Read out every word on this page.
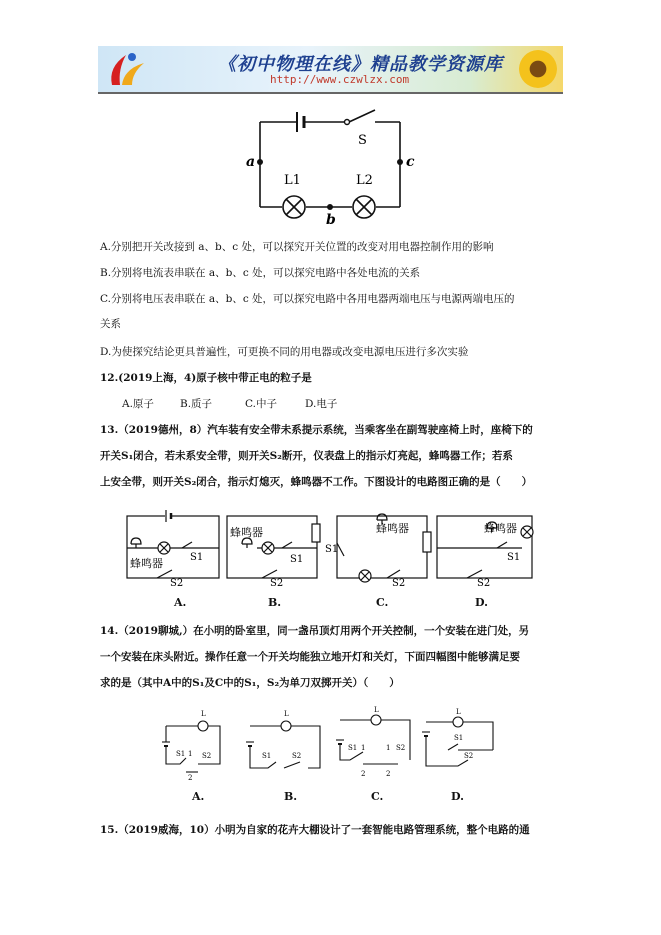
《初中物理在线》精品教学资源库
http://www.czwlzx.com
S
a	c
b
L1	L2
A.分别把开关改接到 a、b、c 处，可以探究开关位置的改变对用电器控制作用的影响
B.分别将电流表串联在 a、b、c 处，可以探究电路中各处电流的关系
C.分别将电压表串联在 a、b、c 处，可以探究电路中各用电器两端电压与电源两端电压的
关系
D.为使探究结论更具普遍性，可更换不同的用电器或改变电源电压进行多次实验
12.(2019上海，4)原子核中带正电的粒子是
A.原子 B.质子	C.中子	D.电子
13.（2019德州，8）汽车装有安全带未系提示系统，当乘客坐在副驾驶座椅上时，座椅下的
开关S₁闭合，若未系安全带，则开关S₂断开，仪表盘上的指示灯亮起，蜂鸣器工作；若系
上安全带，则开关S₂闭合，指示灯熄灭，蜂鸣器不工作。下图设计的电路图正确的是（　　）
蜂鸣器	S1
S2
蜂鸣器
S1
S2
蜂鸣器
S1
S2
蜂鸣器
S1
S2
A.	B.	C.	D.
14.（2019聊城,）在小明的卧室里，同一盏吊顶灯用两个开关控制，一个安装在进门处，另
一个安装在床头附近。操作任意一个开关均能独立地开灯和关灯，下面四幅图中能够满足要
求的是（其中A中的S₁及C中的S₁，S₂为单刀双掷开关）（　　）
L
S1 S2
1
2
L
S1	S2
L
S1	S2
1	1
2	2
L
S1
S2
A.	B.	C.	D.
15.（2019威海，10）小明为自家的花卉大棚设计了一套智能电路管理系统，整个电路的通
